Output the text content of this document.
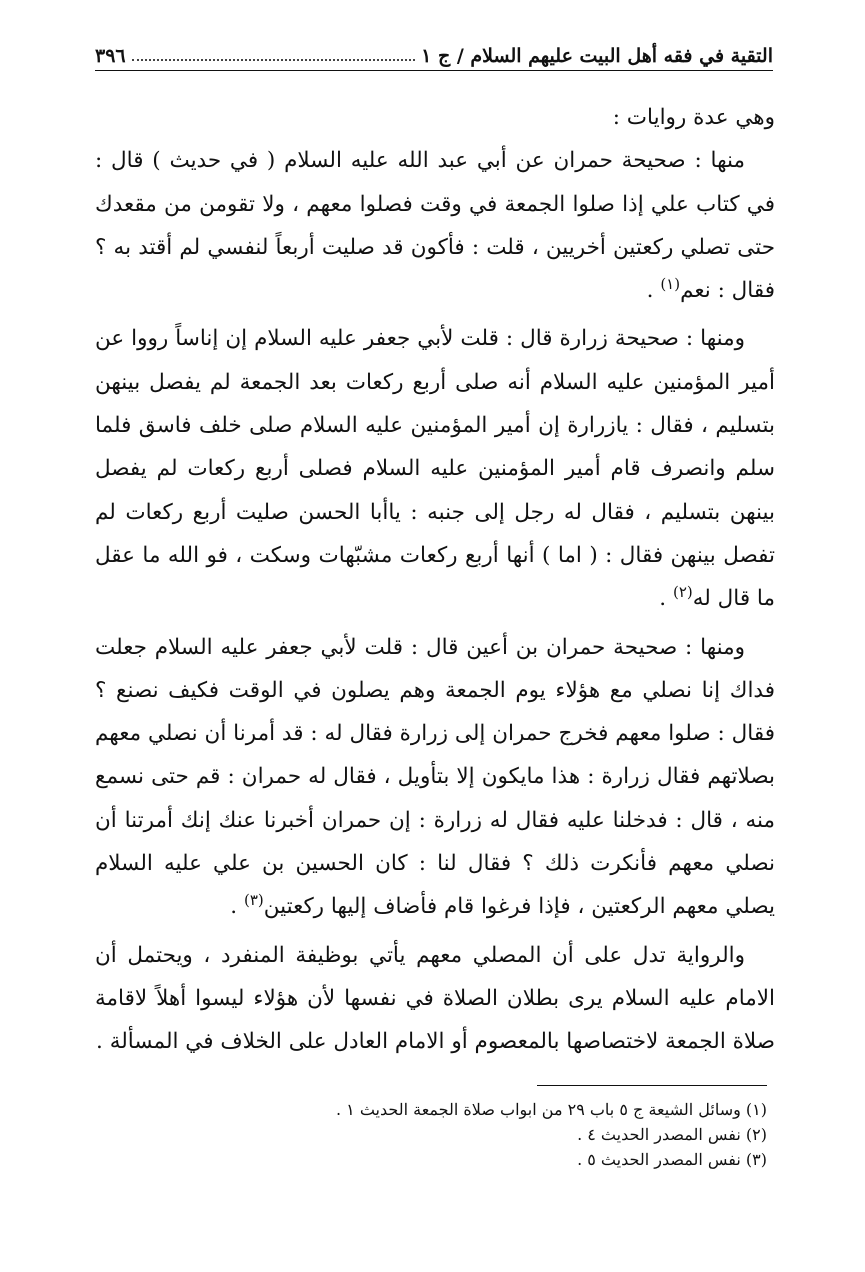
التقية في فقه أهل البيت عليهم السلام / ج ١
٣٩٦

وهي عدة روايات :

منها : صحيحة حمران عن أبي عبد الله عليه السلام ( في حديث ) قال : في كتاب علي إذا صلوا الجمعة في وقت فصلوا معهم ، ولا تقومن من مقعدك حتى تصلي ركعتين أخريين ، قلت : فأكون قد صليت أربعاً لنفسي لم أقتد به ؟ فقال : نعم$^{(١)}$ .

ومنها : صحيحة زرارة قال : قلت لأبي جعفر عليه السلام إن إناساً رووا عن أمير المؤمنين عليه السلام أنه صلى أربع ركعات بعد الجمعة لم يفصل بينهن بتسليم ، فقال : يازرارة إن أمير المؤمنين عليه السلام صلى خلف فاسق فلما سلم وانصرف قام أمير المؤمنين عليه السلام فصلى أربع ركعات لم يفصل بينهن بتسليم ، فقال له رجل إلى جنبه : ياأبا الحسن صليت أربع ركعات لم تفصل بينهن فقال : ( اما ) أنها أربع ركعات مشبّهات وسكت ، فو الله ما عقل ما قال له$^{(٢)}$ .

ومنها : صحيحة حمران بن أعين قال : قلت لأبي جعفر عليه السلام جعلت فداك إنا نصلي مع هؤلاء يوم الجمعة وهم يصلون في الوقت فكيف نصنع ؟ فقال : صلوا معهم فخرج حمران إلى زرارة فقال له : قد أمرنا أن نصلي معهم بصلاتهم فقال زرارة : هذا مايكون إلا بتأويل ، فقال له حمران : قم حتى نسمع منه ، قال : فدخلنا عليه فقال له زرارة : إن حمران أخبرنا عنك إنك أمرتنا أن نصلي معهم فأنكرت ذلك ؟ فقال لنا : كان الحسين بن علي عليه السلام يصلي معهم الركعتين ، فإذا فرغوا قام فأضاف إليها ركعتين$^{(٣)}$ .

والرواية تدل على أن المصلي معهم يأتي بوظيفة المنفرد ، ويحتمل أن الامام عليه السلام يرى بطلان الصلاة في نفسها لأن هؤلاء ليسوا أهلاً لاقامة صلاة الجمعة لاختصاصها بالمعصوم أو الامام العادل على الخلاف في المسألة .

(١) وسائل الشيعة ج ٥ باب ٢٩ من ابواب صلاة الجمعة الحديث ١ .
(٢) نفس المصدر الحديث ٤ .
(٣) نفس المصدر الحديث ٥ .
